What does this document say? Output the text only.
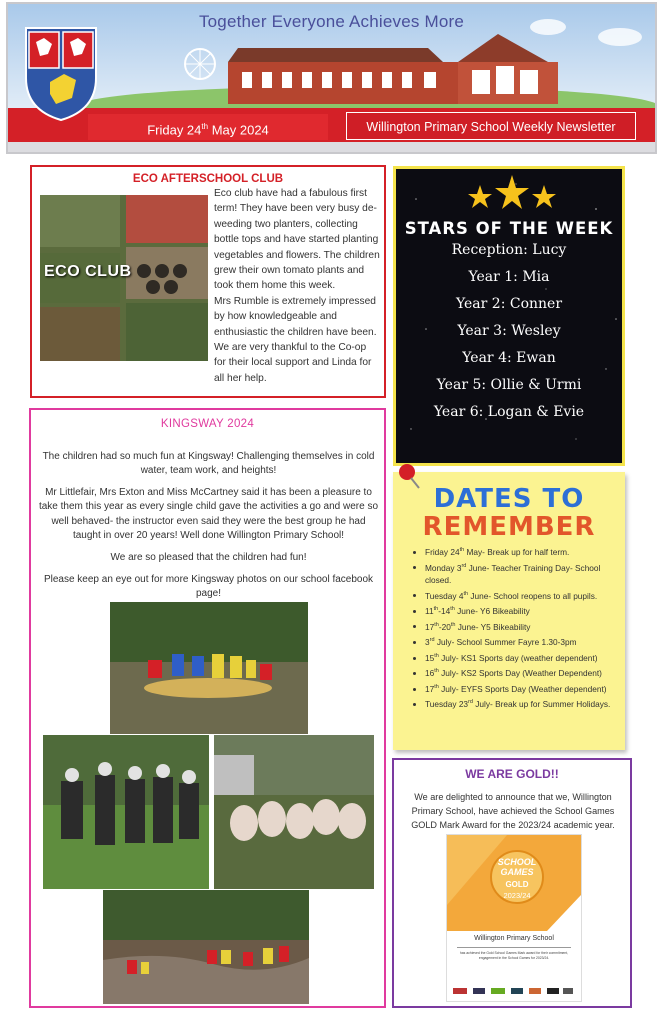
Together Everyone Achieves More
Friday 24th May 2024	Willington Primary School Weekly Newsletter
ECO AFTERSCHOOL CLUB
ECO CLUB
Eco club have had a fabulous first term! They have been very busy de- weeding two planters, collecting bottle tops and have started planting vegetables and flowers. The children grew their own tomato plants and took them home this week.
Mrs Rumble is extremely impressed by how knowledgeable and enthusiastic the children have been. We are very thankful to the Co-op for their local support and Linda for all her help.
STARS OF THE WEEK
Reception: Lucy
Year 1: Mia
Year 2: Conner
Year 3: Wesley
Year 4: Ewan
Year 5: Ollie & Urmi
Year 6: Logan & Evie
DATES TO
REMEMBER
• Friday 24th May- Break up for half term.
• Monday 3rd June- Teacher Training Day- School closed.
• Tuesday 4th June- School reopens to all pupils.
• 11th-14th June- Y6 Bikeability
• 17th-20th June- Y5 Bikeability
• 3rd July- School Summer Fayre 1.30-3pm
• 15th July- KS1 Sports day (weather dependent)
• 16th July- KS2 Sports Day (Weather Dependent)
• 17th July- EYFS Sports Day (Weather dependent)
• Tuesday 23rd July- Break up for Summer Holidays.
WE ARE GOLD!!
We are delighted to announce that we, Willington Primary School, have achieved the School Games GOLD Mark Award for the 2023/24 academic year.
SCHOOL
GAMES
GOLD
2023/24
Willington Primary School
has achieved the Gold School Games Mark award for their commitment, engagement in the School Games for 2023/24.
KINGSWAY 2024

The children had so much fun at Kingsway! Challenging themselves in cold water, team work, and heights!

Mr Littlefair, Mrs Exton and Miss McCartney said it has been a pleasure to take them this year as every single child gave the activities a go and were so well behaved- the instructor even said they were the best group he had taught in over 20 years! Well done Willington Primary School!

We are so pleased that the children had fun!

Please keep an eye out for more Kingsway photos on our school facebook page!
